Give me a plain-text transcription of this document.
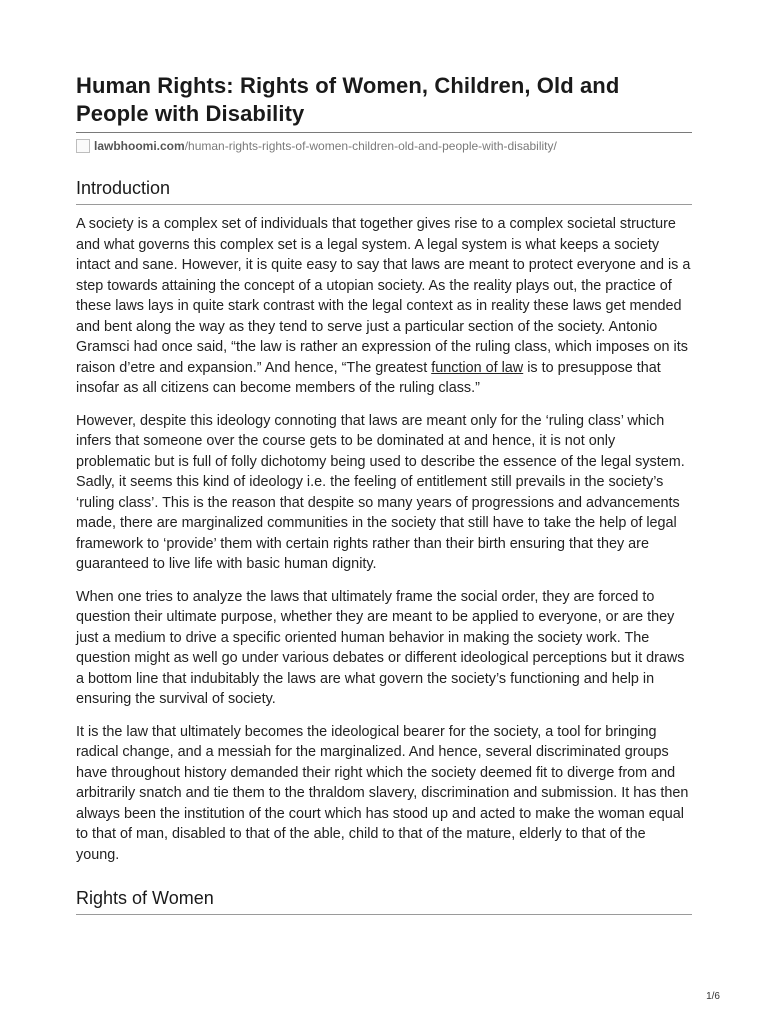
Human Rights: Rights of Women, Children, Old and People with Disability
lawbhoomi.com /human-rights-rights-of-women-children-old-and-people-with-disability/
Introduction

A society is a complex set of individuals that together gives rise to a complex societal structure and what governs this complex set is a legal system. A legal system is what keeps a society intact and sane. However, it is quite easy to say that laws are meant to protect everyone and is a step towards attaining the concept of a utopian society. As the reality plays out, the practice of these laws lays in quite stark contrast with the legal context as in reality these laws get mended and bent along the way as they tend to serve just a particular section of the society. Antonio Gramsci had once said, “the law is rather an expression of the ruling class, which imposes on its raison d’etre and expansion.” And hence, “The greatest function of law is to presuppose that insofar as all citizens can become members of the ruling class.”

However, despite this ideology connoting that laws are meant only for the ‘ruling class’ which infers that someone over the course gets to be dominated at and hence, it is not only problematic but is full of folly dichotomy being used to describe the essence of the legal system. Sadly, it seems this kind of ideology i.e. the feeling of entitlement still prevails in the society’s ‘ruling class’. This is the reason that despite so many years of progressions and advancements made, there are marginalized communities in the society that still have to take the help of legal framework to ‘provide’ them with certain rights rather than their birth ensuring that they are guaranteed to live life with basic human dignity.

When one tries to analyze the laws that ultimately frame the social order, they are forced to question their ultimate purpose, whether they are meant to be applied to everyone, or are they just a medium to drive a specific oriented human behavior in making the society work. The question might as well go under various debates or different ideological perceptions but it draws a bottom line that indubitably the laws are what govern the society’s functioning and help in ensuring the survival of society.

It is the law that ultimately becomes the ideological bearer for the society, a tool for bringing radical change, and a messiah for the marginalized. And hence, several discriminated groups have throughout history demanded their right which the society deemed fit to diverge from and arbitrarily snatch and tie them to the thraldom slavery, discrimination and submission. It has then always been the institution of the court which has stood up and acted to make the woman equal to that of man, disabled to that of the able, child to that of the mature, elderly to that of the young.

Rights of Women
1/6
